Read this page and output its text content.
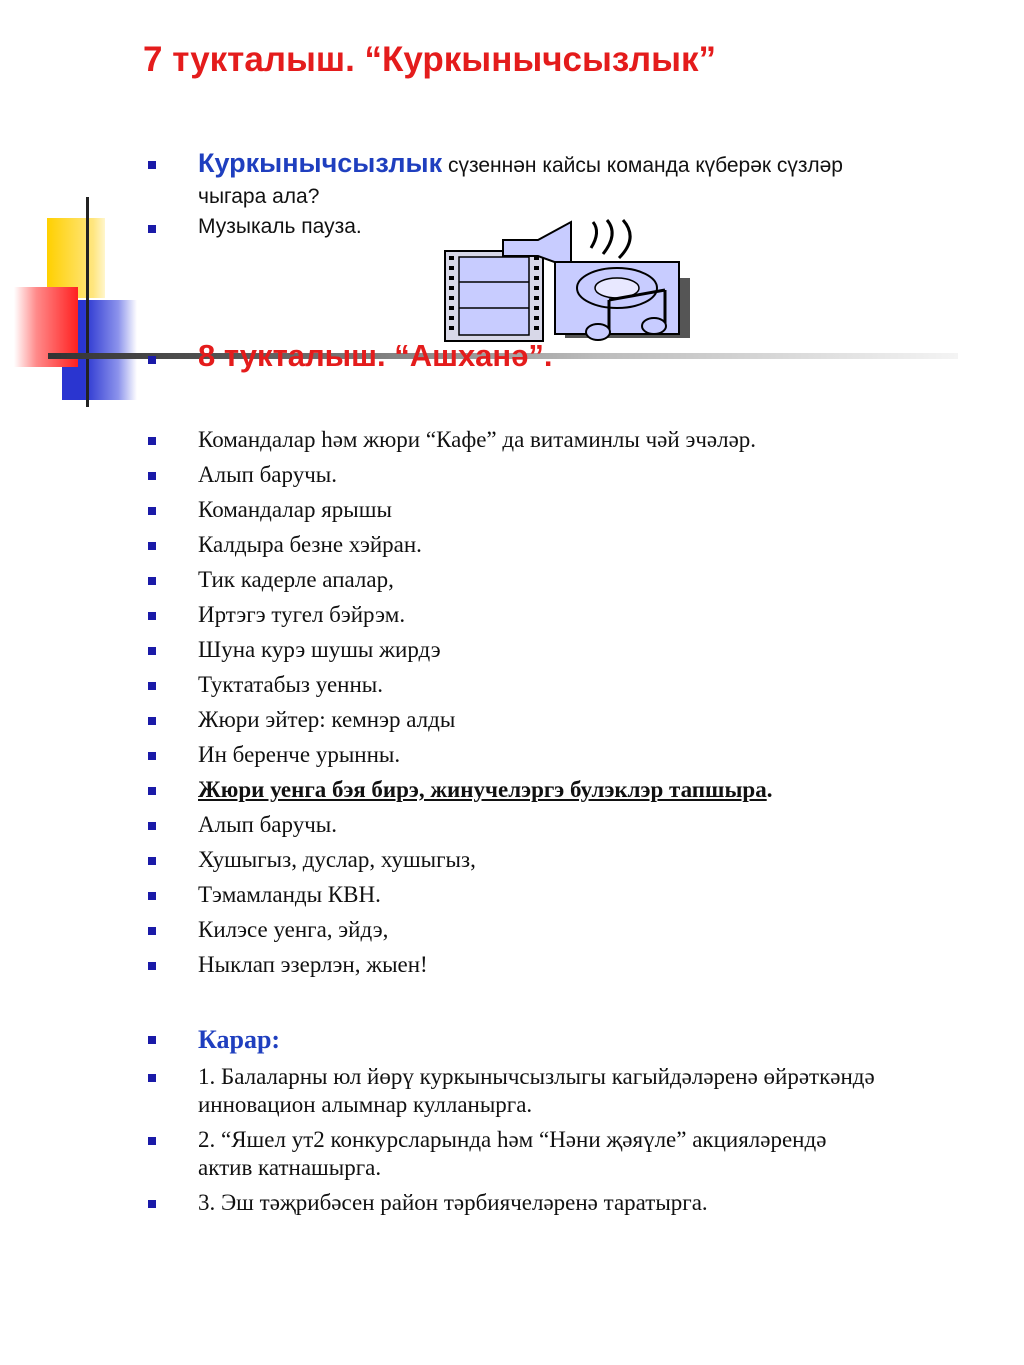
7 тукталыш. “Куркынычсызлык”
Куркынычсызлык сүзеннән кайсы команда күберәк сүзләр
чыгара ала?
Музыкаль пауза.
8 тукталыш. “Ашханә”.
Командалар һәм жюри “Кафе” да витаминлы чәй эчәләр.
Алып баручы.
Командалар ярышы
Калдыра безне хэйран.
Тик кадерле апалар,
Иртэгэ тугел бэйрэм.
Шуна курэ шушы жирдэ
Туктатабыз уенны.
Жюри эйтер: кемнэр алды
Ин беренче урынны.
Жюри уенга бэя бирэ, жинучелэргэ булэклэр тапшыра.
Алып баручы.
Хушыгыз, дуслар, хушыгыз,
Тэмамланды КВН.
Килэсе уенга, эйдэ,
Ныклап эзерлэн, жыен!
Карар:
1. Балаларны юл йөрү куркынычсызлыгы кагыйдәләренә өйрәткәндә
инновацион алымнар кулланырга.
2. “Яшел ут2 конкурсларында һәм “Нәни җәяүле” акцияләрендә
актив катнашырга.
3. Эш тәҗрибәсен район тәрбиячеләренә таратырга.
